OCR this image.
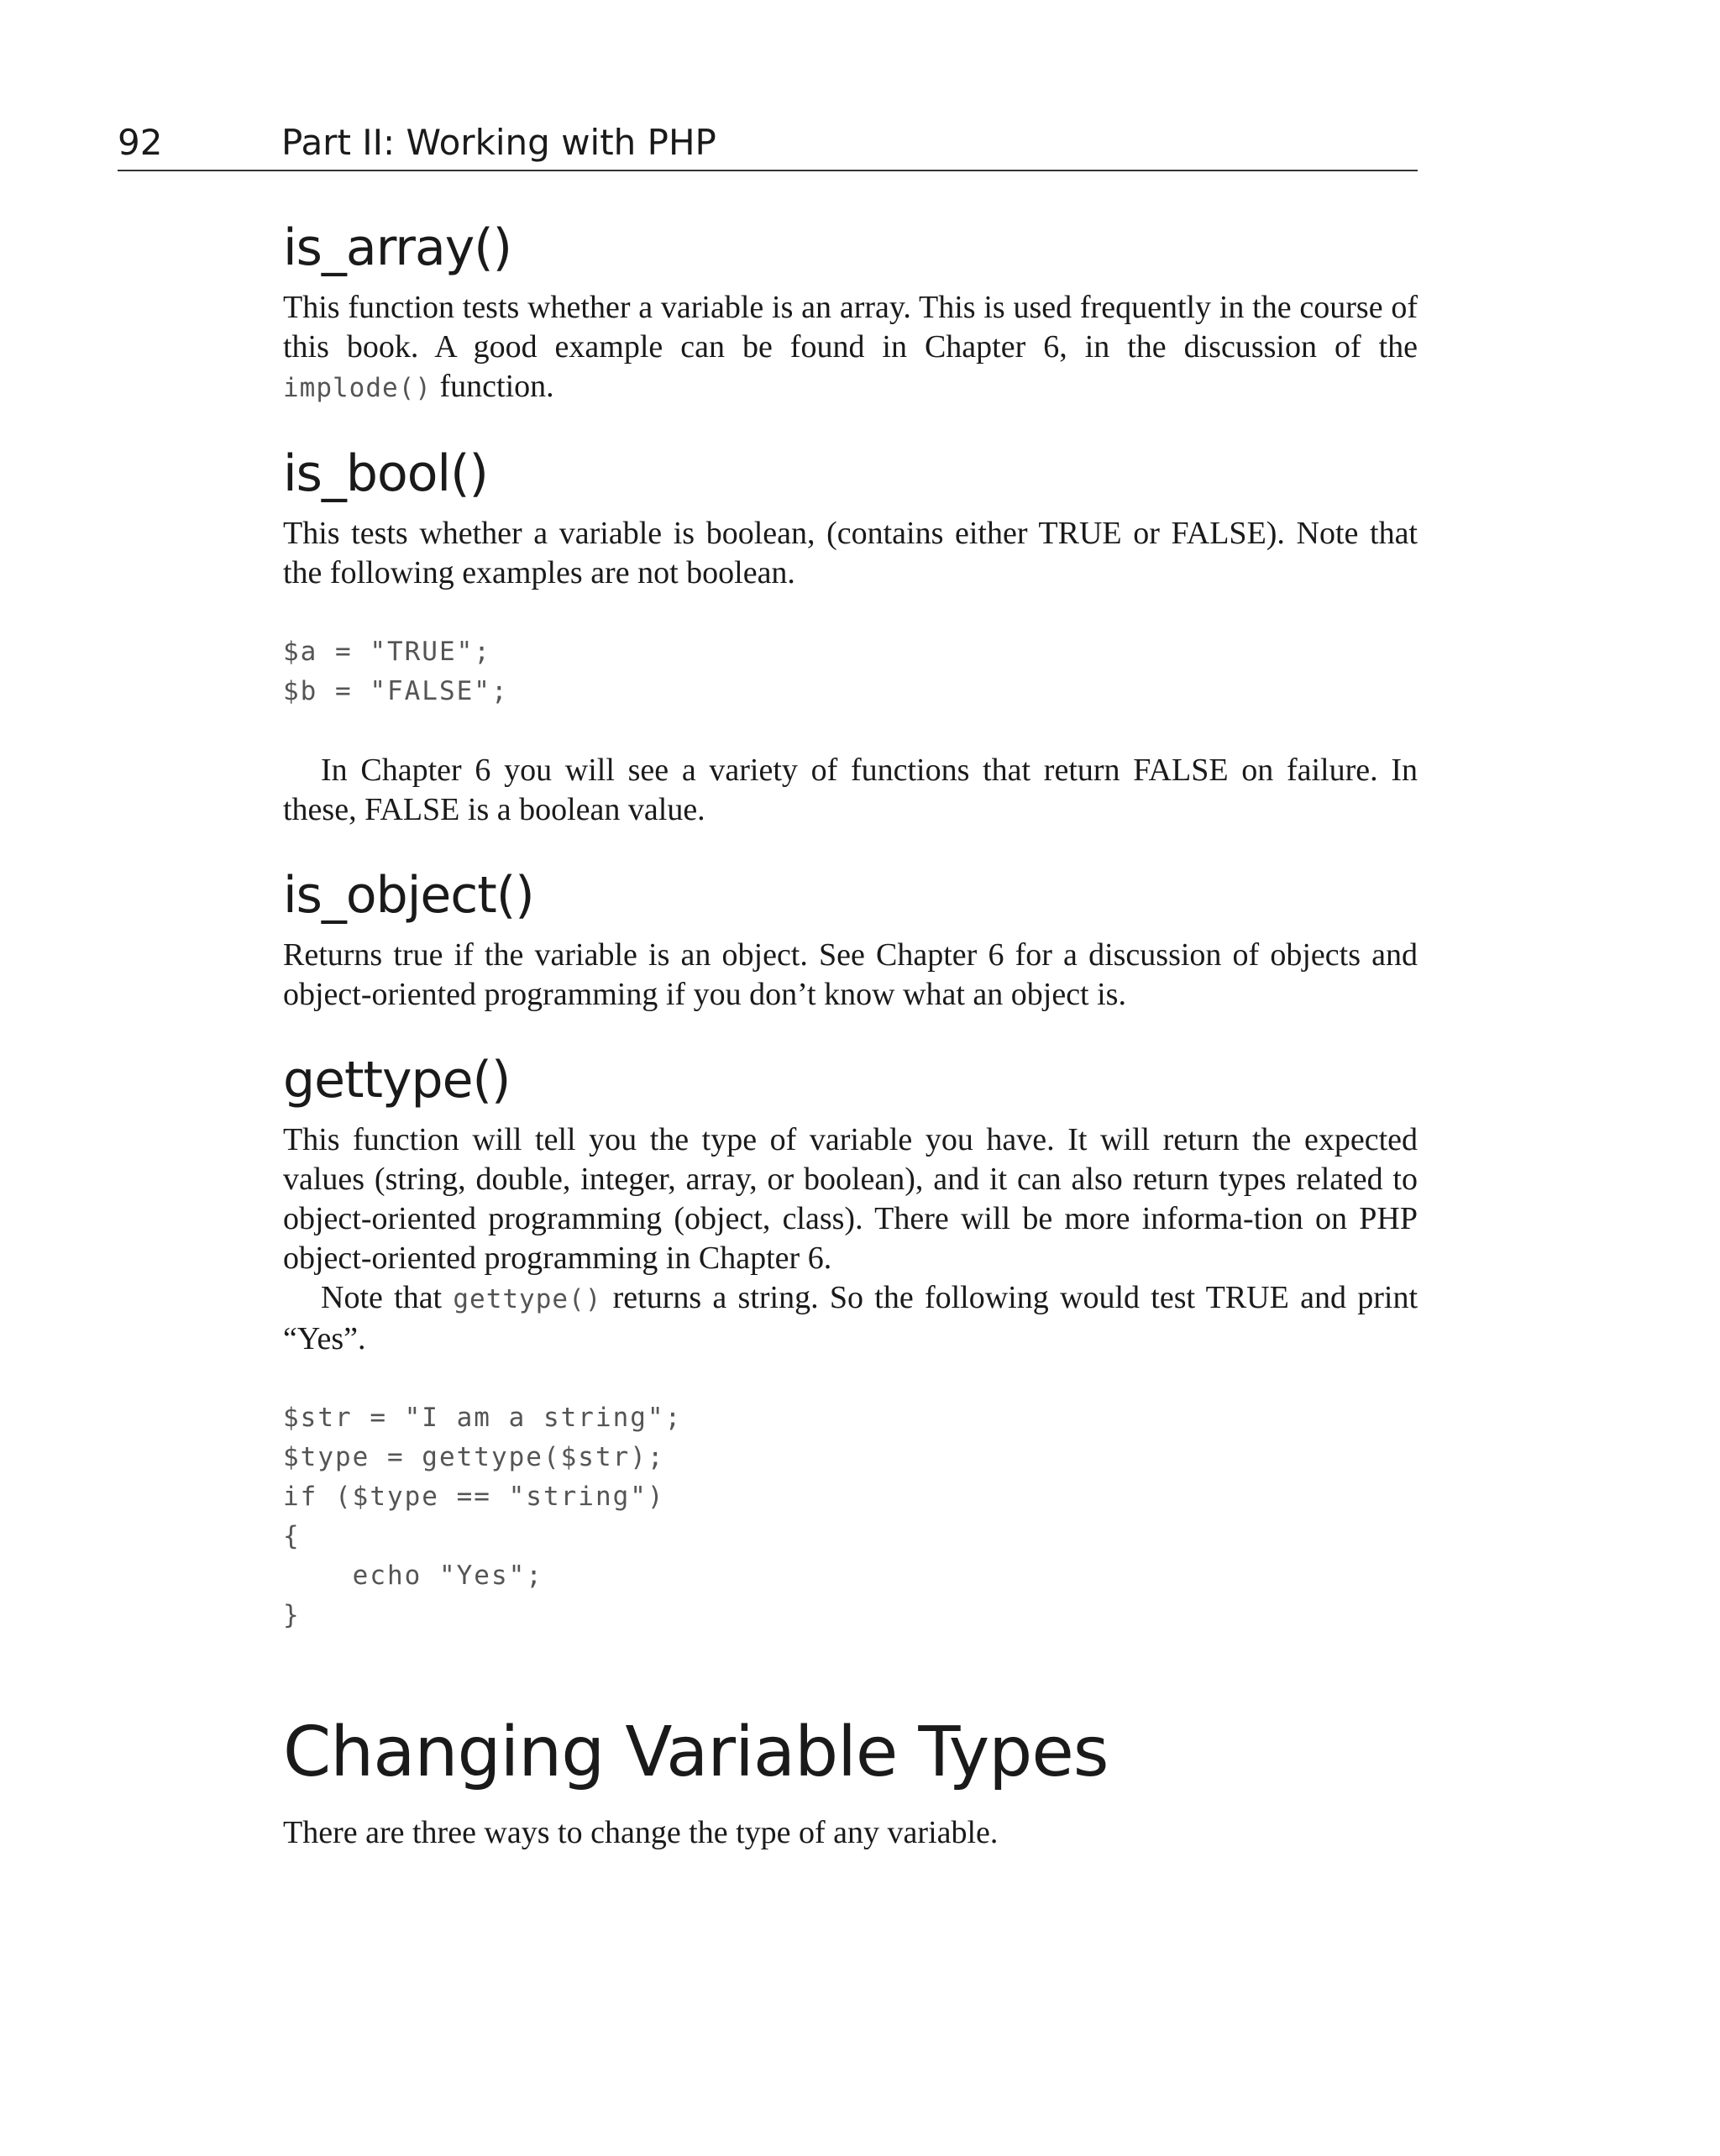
92	Part II: Working with PHP
is_array()

This function tests whether a variable is an array. This is used frequently in the course of this book. A good example can be found in Chapter 6, in the discussion of the implode() function.

is_bool()

This tests whether a variable is boolean, (contains either TRUE or FALSE). Note that the following examples are not boolean.

$a = "TRUE";
$b = "FALSE";

In Chapter 6 you will see a variety of functions that return FALSE on failure. In these, FALSE is a boolean value.

is_object()

Returns true if the variable is an object. See Chapter 6 for a discussion of objects and object-oriented programming if you don’t know what an object is.

gettype()

This function will tell you the type of variable you have. It will return the expected values (string, double, integer, array, or boolean), and it can also return types related to object-oriented programming (object, class). There will be more informa-tion on PHP object-oriented programming in Chapter 6.

Note that gettype() returns a string. So the following would test TRUE and print “Yes”.

$str = "I am a string";
$type = gettype($str);
if ($type == "string")
{
echo "Yes";
}
Changing Variable Types

There are three ways to change the type of any variable.
